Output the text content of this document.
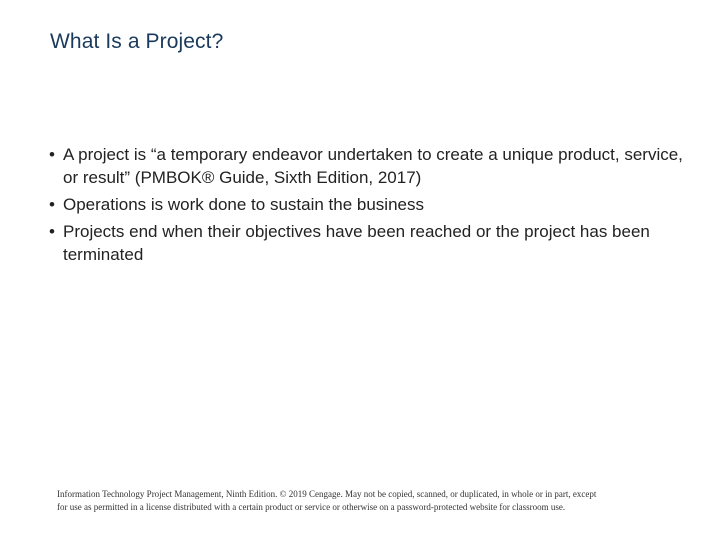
What Is a Project?
• A project is “a temporary endeavor undertaken to create a unique product, service, or result” (PMBOK® Guide, Sixth Edition, 2017)
• Operations is work done to sustain the business
• Projects end when their objectives have been reached or the project has been terminated
Information Technology Project Management, Ninth Edition. © 2019 Cengage. May not be copied, scanned, or duplicated, in whole or in part, except
for use as permitted in a license distributed with a certain product or service or otherwise on a password-protected website for classroom use.
